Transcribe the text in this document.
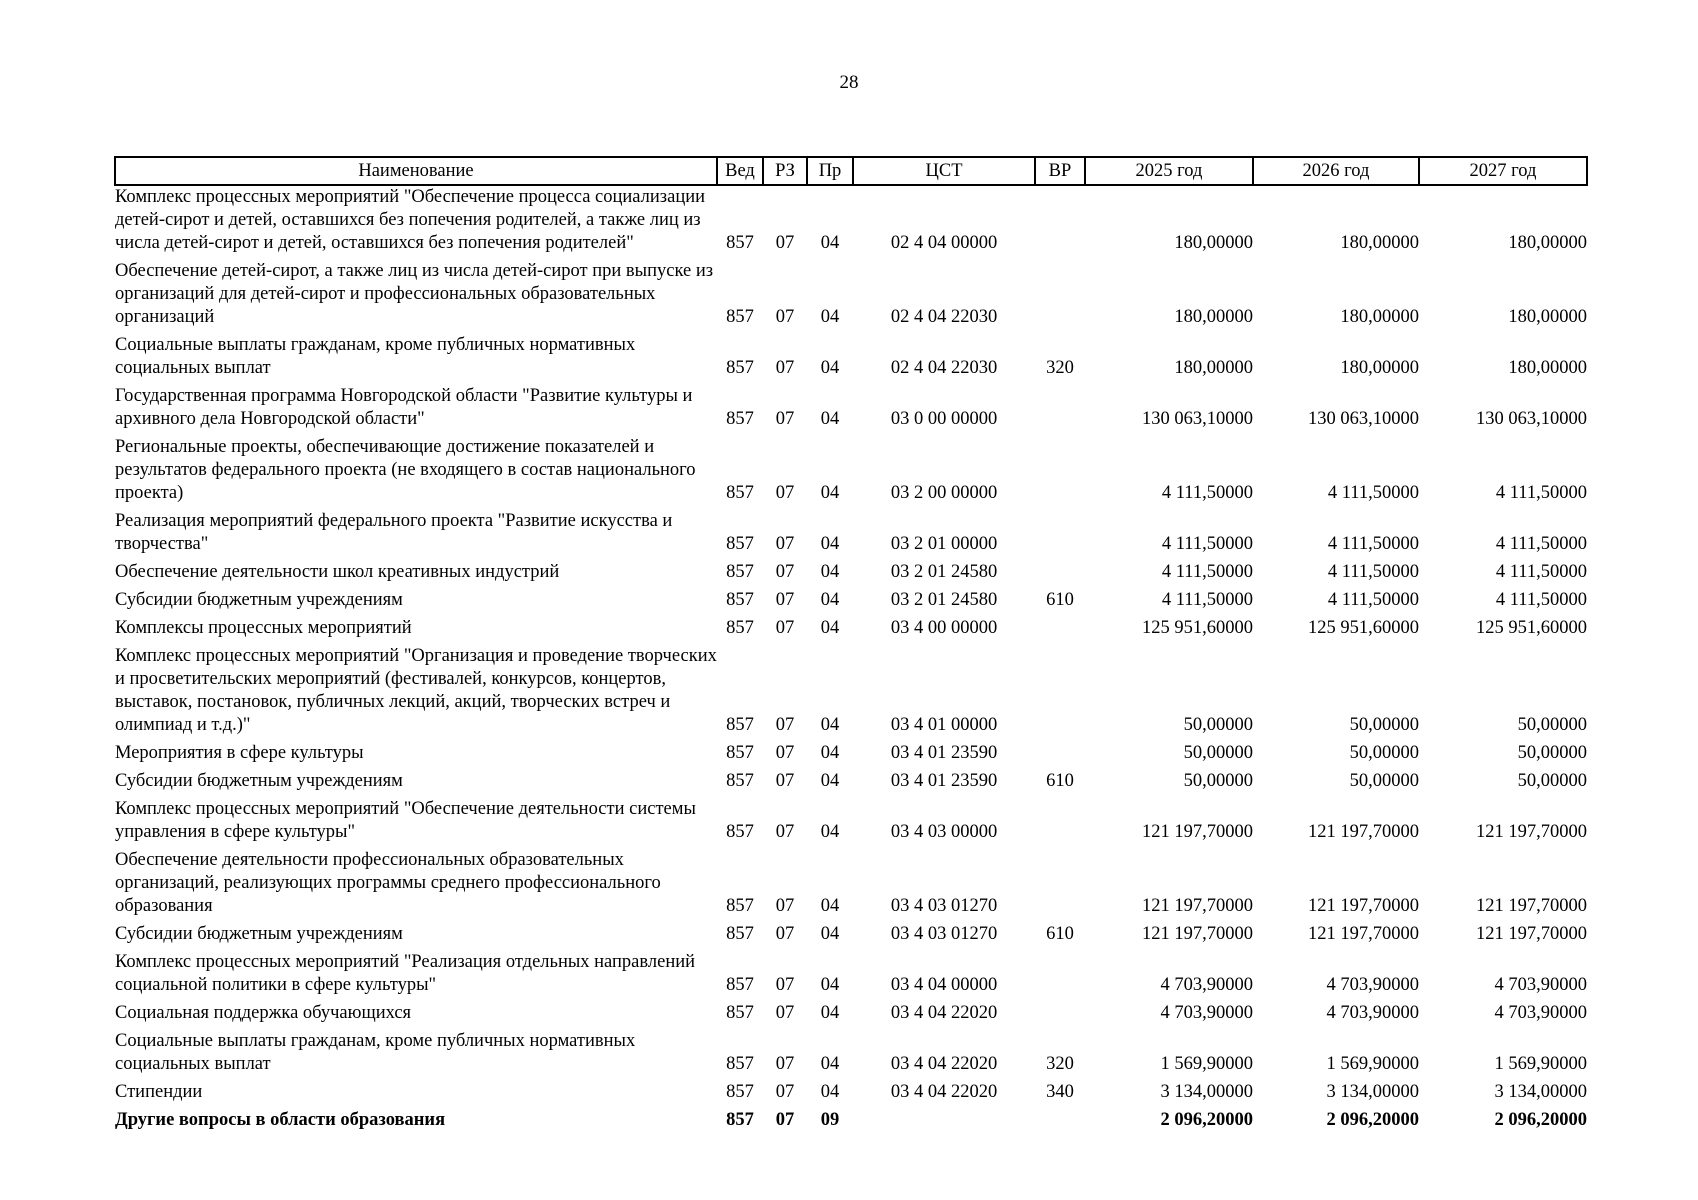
28
Наименование	Вед	РЗ	Пр	ЦСТ	ВР	2025 год	2026 год	2027 год
Комплекс процессных мероприятий "Обеспечение процесса социализации детей-сирот и детей, оставшихся без попечения родителей, а также лиц из числа детей-сирот и детей, оставшихся без попечения родителей"	857	07	04	02 4 04 00000		180,00000	180,00000	180,00000
Обеспечение детей-сирот, а также лиц из числа детей-сирот при выпуске из организаций для детей-сирот и профессиональных образовательных организаций	857	07	04	02 4 04 22030		180,00000	180,00000	180,00000
Социальные выплаты гражданам, кроме публичных нормативных социальных выплат	857	07	04	02 4 04 22030	320	180,00000	180,00000	180,00000
Государственная программа Новгородской области "Развитие культуры и архивного дела Новгородской области"	857	07	04	03 0 00 00000		130 063,10000	130 063,10000	130 063,10000
Региональные проекты, обеспечивающие достижение показателей и результатов федерального проекта (не входящего в состав национального проекта)	857	07	04	03 2 00 00000		4 111,50000	4 111,50000	4 111,50000
Реализация мероприятий федерального проекта "Развитие искусства и творчества"	857	07	04	03 2 01 00000		4 111,50000	4 111,50000	4 111,50000
Обеспечение деятельности школ креативных индустрий	857	07	04	03 2 01 24580		4 111,50000	4 111,50000	4 111,50000
Субсидии бюджетным учреждениям	857	07	04	03 2 01 24580	610	4 111,50000	4 111,50000	4 111,50000
Комплексы процессных мероприятий	857	07	04	03 4 00 00000		125 951,60000	125 951,60000	125 951,60000
Комплекс процессных мероприятий "Организация и проведение творческих и просветительских мероприятий (фестивалей, конкурсов, концертов, выставок, постановок, публичных лекций, акций, творческих встреч и олимпиад и т.д.)"	857	07	04	03 4 01 00000		50,00000	50,00000	50,00000
Мероприятия в сфере культуры	857	07	04	03 4 01 23590		50,00000	50,00000	50,00000
Субсидии бюджетным учреждениям	857	07	04	03 4 01 23590	610	50,00000	50,00000	50,00000
Комплекс процессных мероприятий "Обеспечение деятельности системы управления в сфере культуры"	857	07	04	03 4 03 00000		121 197,70000	121 197,70000	121 197,70000
Обеспечение деятельности профессиональных образовательных организаций, реализующих программы среднего профессионального образования	857	07	04	03 4 03 01270		121 197,70000	121 197,70000	121 197,70000
Субсидии бюджетным учреждениям	857	07	04	03 4 03 01270	610	121 197,70000	121 197,70000	121 197,70000
Комплекс процессных мероприятий "Реализация отдельных направлений социальной политики в сфере культуры"	857	07	04	03 4 04 00000		4 703,90000	4 703,90000	4 703,90000
Социальная поддержка обучающихся	857	07	04	03 4 04 22020		4 703,90000	4 703,90000	4 703,90000
Социальные выплаты гражданам, кроме публичных нормативных социальных выплат	857	07	04	03 4 04 22020	320	1 569,90000	1 569,90000	1 569,90000
Стипендии	857	07	04	03 4 04 22020	340	3 134,00000	3 134,00000	3 134,00000
Другие вопросы в области образования	857	07	09			2 096,20000	2 096,20000	2 096,20000
